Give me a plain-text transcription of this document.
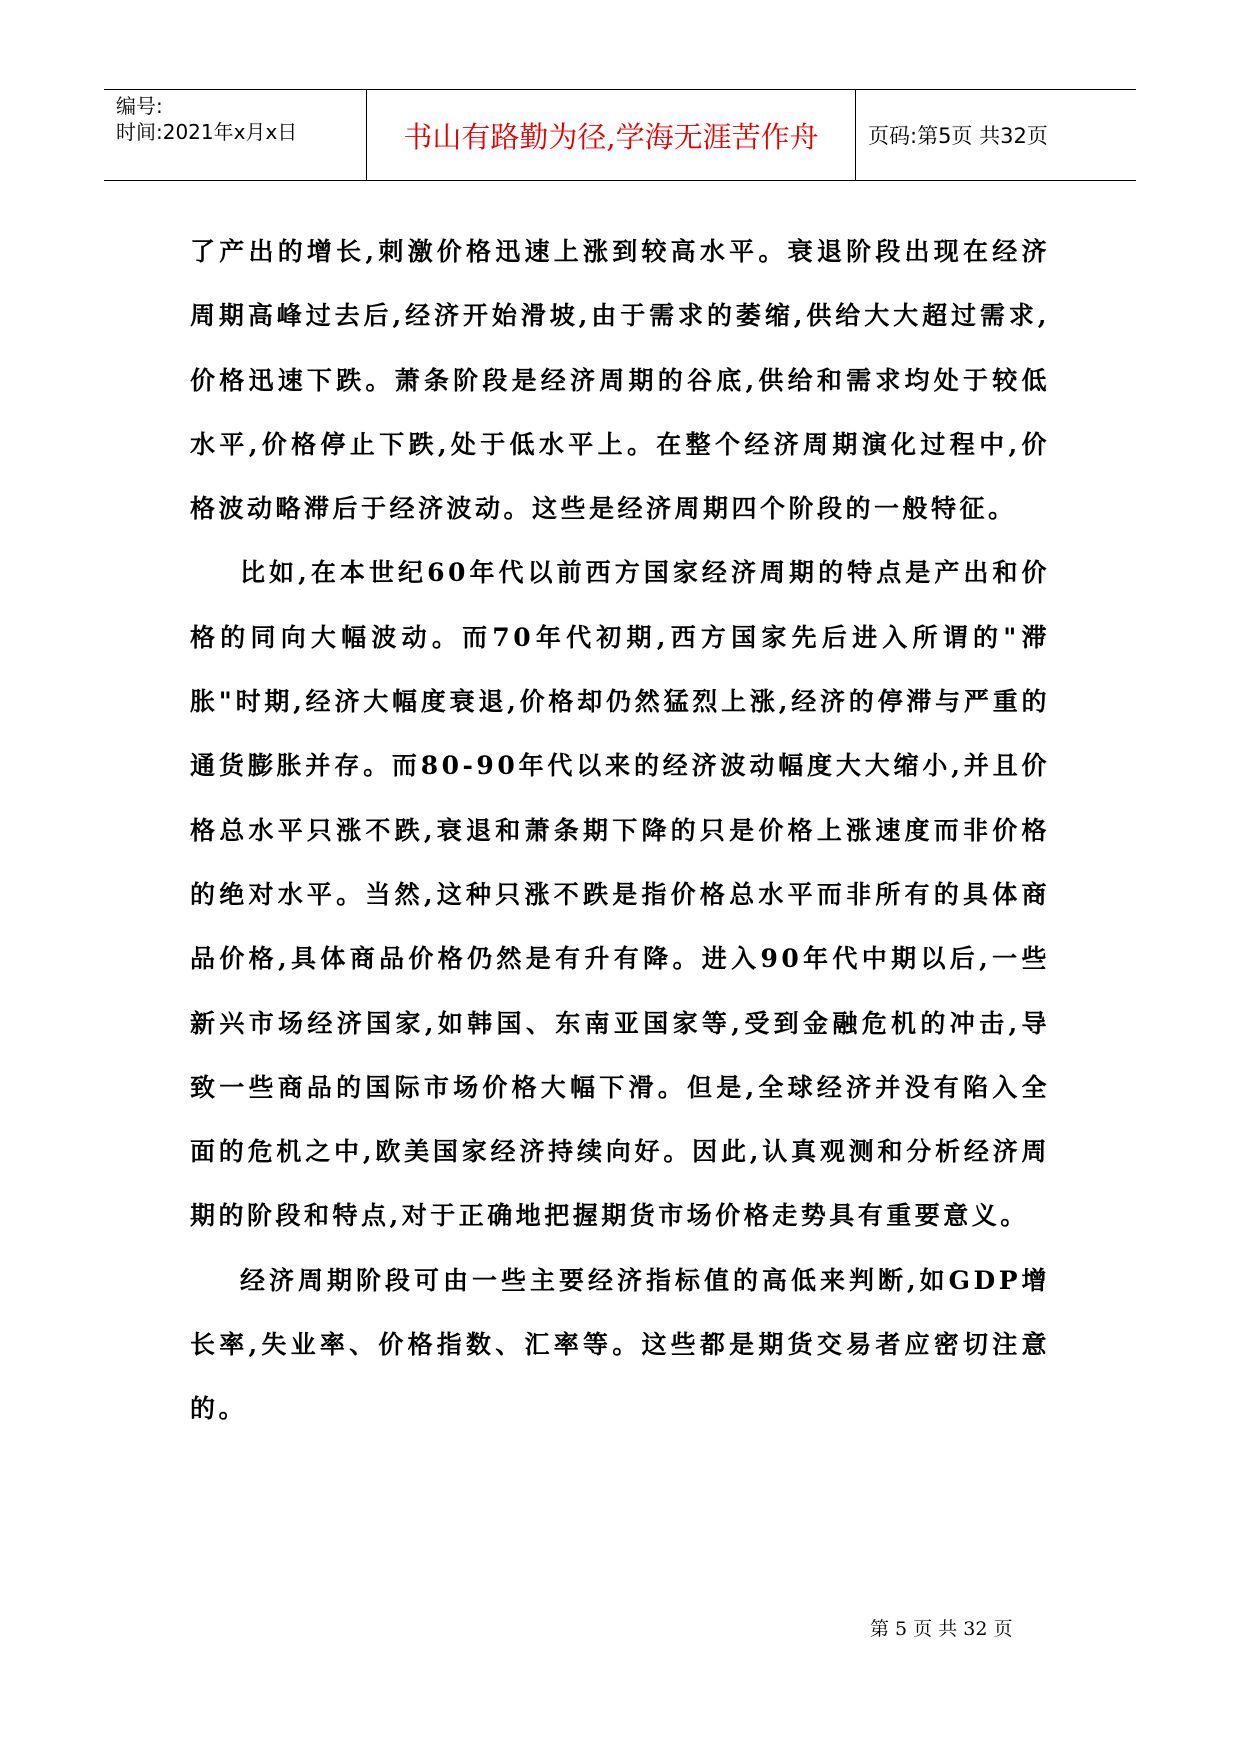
编号:
时间:2021年x月x日	书山有路勤为径,学海无涯苦作舟	页码:第5页 共32页

了产出的增长,刺激价格迅速上涨到较高水平。衰退阶段出现在经济周期高峰过去后,经济开始滑坡,由于需求的萎缩,供给大大超过需求,价格迅速下跌。萧条阶段是经济周期的谷底,供给和需求均处于较低水平,价格停止下跌,处于低水平上。在整个经济周期演化过程中,价格波动略滞后于经济波动。这些是经济周期四个阶段的一般特征。

比如,在本世纪60年代以前西方国家经济周期的特点是产出和价格的同向大幅波动。而70年代初期,西方国家先后进入所谓的"滞胀"时期,经济大幅度衰退,价格却仍然猛烈上涨,经济的停滞与严重的通货膨胀并存。而80-90年代以来的经济波动幅度大大缩小,并且价格总水平只涨不跌,衰退和萧条期下降的只是价格上涨速度而非价格的绝对水平。当然,这种只涨不跌是指价格总水平而非所有的具体商品价格,具体商品价格仍然是有升有降。进入90年代中期以后,一些新兴市场经济国家,如韩国、东南亚国家等,受到金融危机的冲击,导致一些商品的国际市场价格大幅下滑。但是,全球经济并没有陷入全面的危机之中,欧美国家经济持续向好。因此,认真观测和分析经济周期的阶段和特点,对于正确地把握期货市场价格走势具有重要意义。

经济周期阶段可由一些主要经济指标值的高低来判断,如GDP增长率,失业率、价格指数、汇率等。这些都是期货交易者应密切注意的。

第 5 页 共 32 页
